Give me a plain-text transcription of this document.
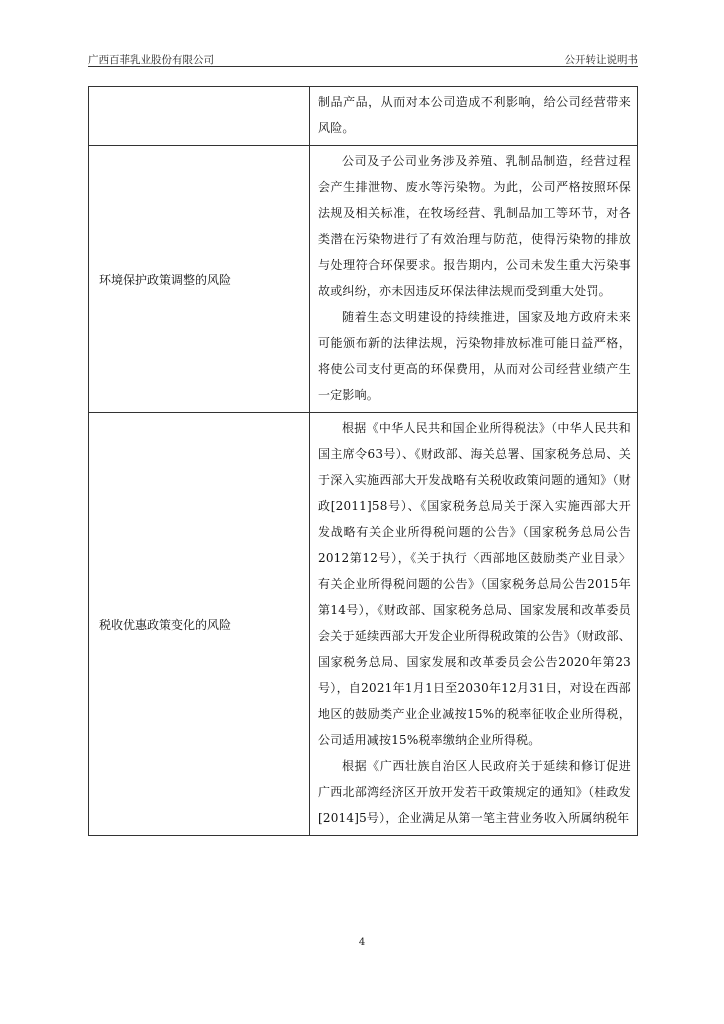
广西百菲乳业股份有限公司	公开转让说明书

	制品产品，从而对本公司造成不利影响，给公司经营带来风险。

环境保护政策调整的风险	公司及子公司业务涉及养殖、乳制品制造，经营过程会产生排泄物、废水等污染物。为此，公司严格按照环保法规及相关标准，在牧场经营、乳制品加工等环节，对各类潜在污染物进行了有效治理与防范，使得污染物的排放与处理符合环保要求。报告期内，公司未发生重大污染事故或纠纷，亦未因违反环保法律法规而受到重大处罚。

随着生态文明建设的持续推进，国家及地方政府未来可能颁布新的法律法规，污染物排放标准可能日益严格，将使公司支付更高的环保费用，从而对公司经营业绩产生一定影响。

税收优惠政策变化的风险	根据《中华人民共和国企业所得税法》（中华人民共和国主席令63号）、《财政部、海关总署、国家税务总局、关于深入实施西部大开发战略有关税收政策问题的通知》（财政[2011]58号）、《国家税务总局关于深入实施西部大开发战略有关企业所得税问题的公告》（国家税务总局公告2012第12号），《关于执行〈西部地区鼓励类产业目录〉有关企业所得税问题的公告》（国家税务总局公告2015年第14号），《财政部、国家税务总局、国家发展和改革委员会关于延续西部大开发企业所得税政策的公告》（财政部、国家税务总局、国家发展和改革委员会公告2020年第23号），自2021年1月1日至2030年12月31日，对设在西部地区的鼓励类产业企业减按15%的税率征收企业所得税，公司适用减按15%税率缴纳企业所得税。

根据《广西壮族自治区人民政府关于延续和修订促进广西北部湾经济区开放开发若干政策规定的通知》（桂政发[2014]5号），企业满足从第一笔主营业务收入所属纳税年

4
